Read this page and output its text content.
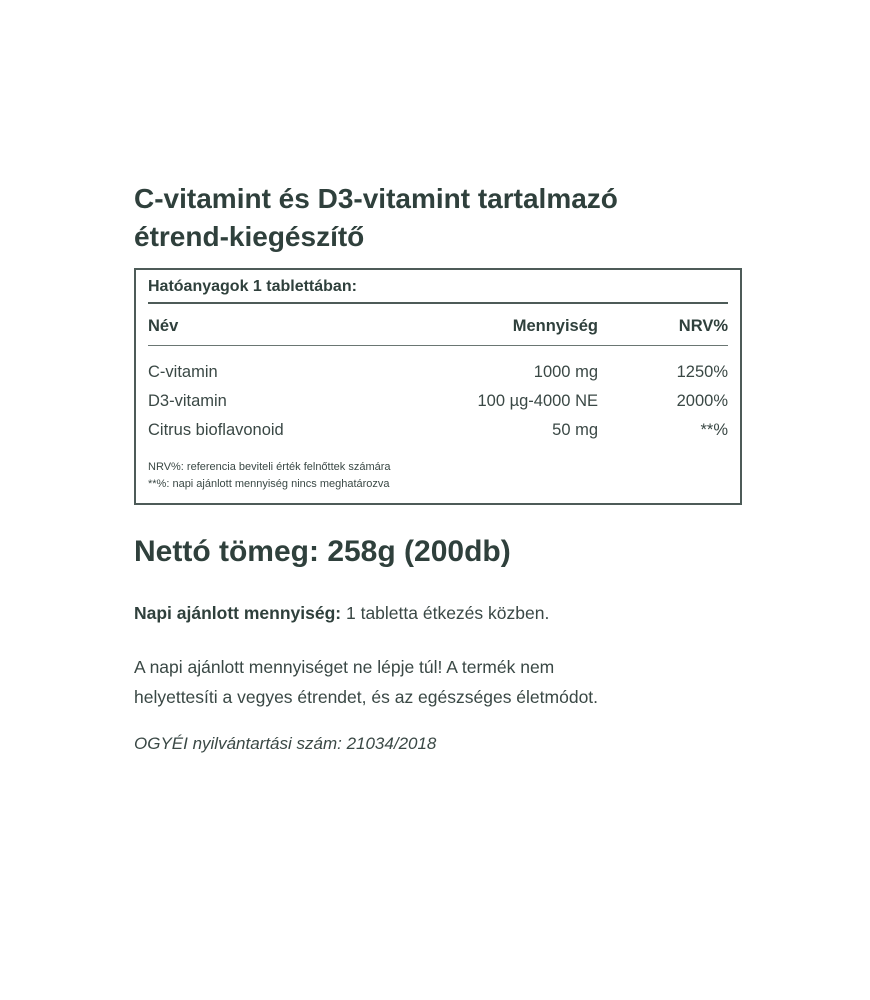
C-vitamint és D3-vitamint tartalmazó
étrend-kiegészítő
Hatóanyagok 1 tablettában:
Név	Mennyiség	NRV%
C-vitamin	1000 mg	1250%
D3-vitamin	100 µg-4000 NE	2000%
Citrus bioflavonoid	50 mg	**%
NRV%: referencia beviteli érték felnőttek számára
**%: napi ajánlott mennyiség nincs meghatározva
Nettó tömeg: 258g (200db)
Napi ajánlott mennyiség: 1 tabletta étkezés közben.
A napi ajánlott mennyiséget ne lépje túl! A termék nem
helyettesíti a vegyes étrendet, és az egészséges életmódot.
OGYÉI nyilvántartási szám: 21034/2018
